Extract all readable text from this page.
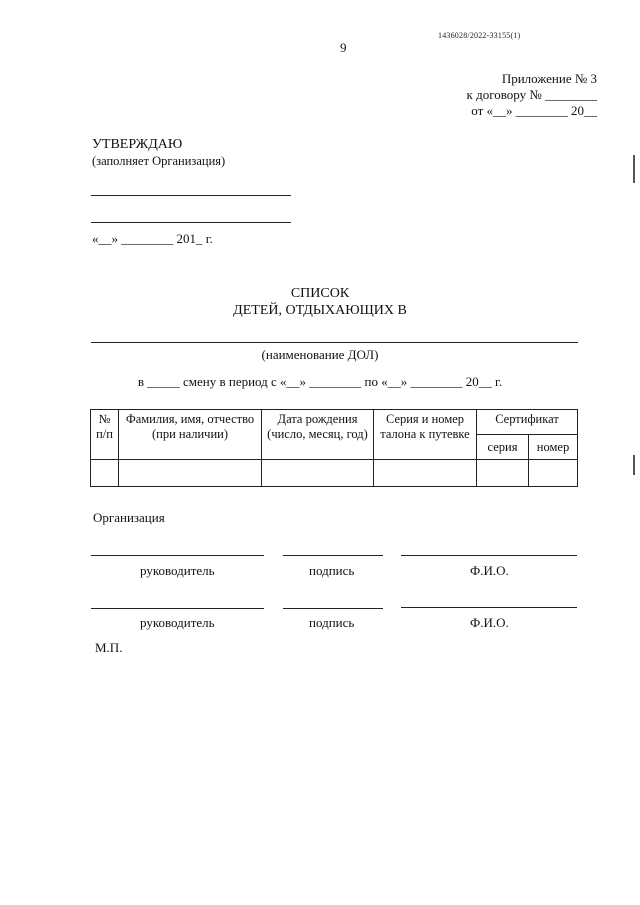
1436028/2022-33155(1)
9
Приложение № 3
к договору № ________
от «__» ________ 20__
УТВЕРЖДАЮ
(заполняет Организация)
«__» ________ 201_ г.
СПИСОК
ДЕТЕЙ, ОТДЫХАЮЩИХ В
(наименование ДОЛ)
в _____ смену в период с «__» ________ по «__» ________ 20__ г.
№ п/п	Фамилия, имя, отчество (при наличии)	Дата рождения (число, месяц, год)	Серия и номер талона к путевке	Сертификат	
				серия	номер

Организация
руководитель	подпись	Ф.И.О.
руководитель	подпись	Ф.И.О.
М.П.
